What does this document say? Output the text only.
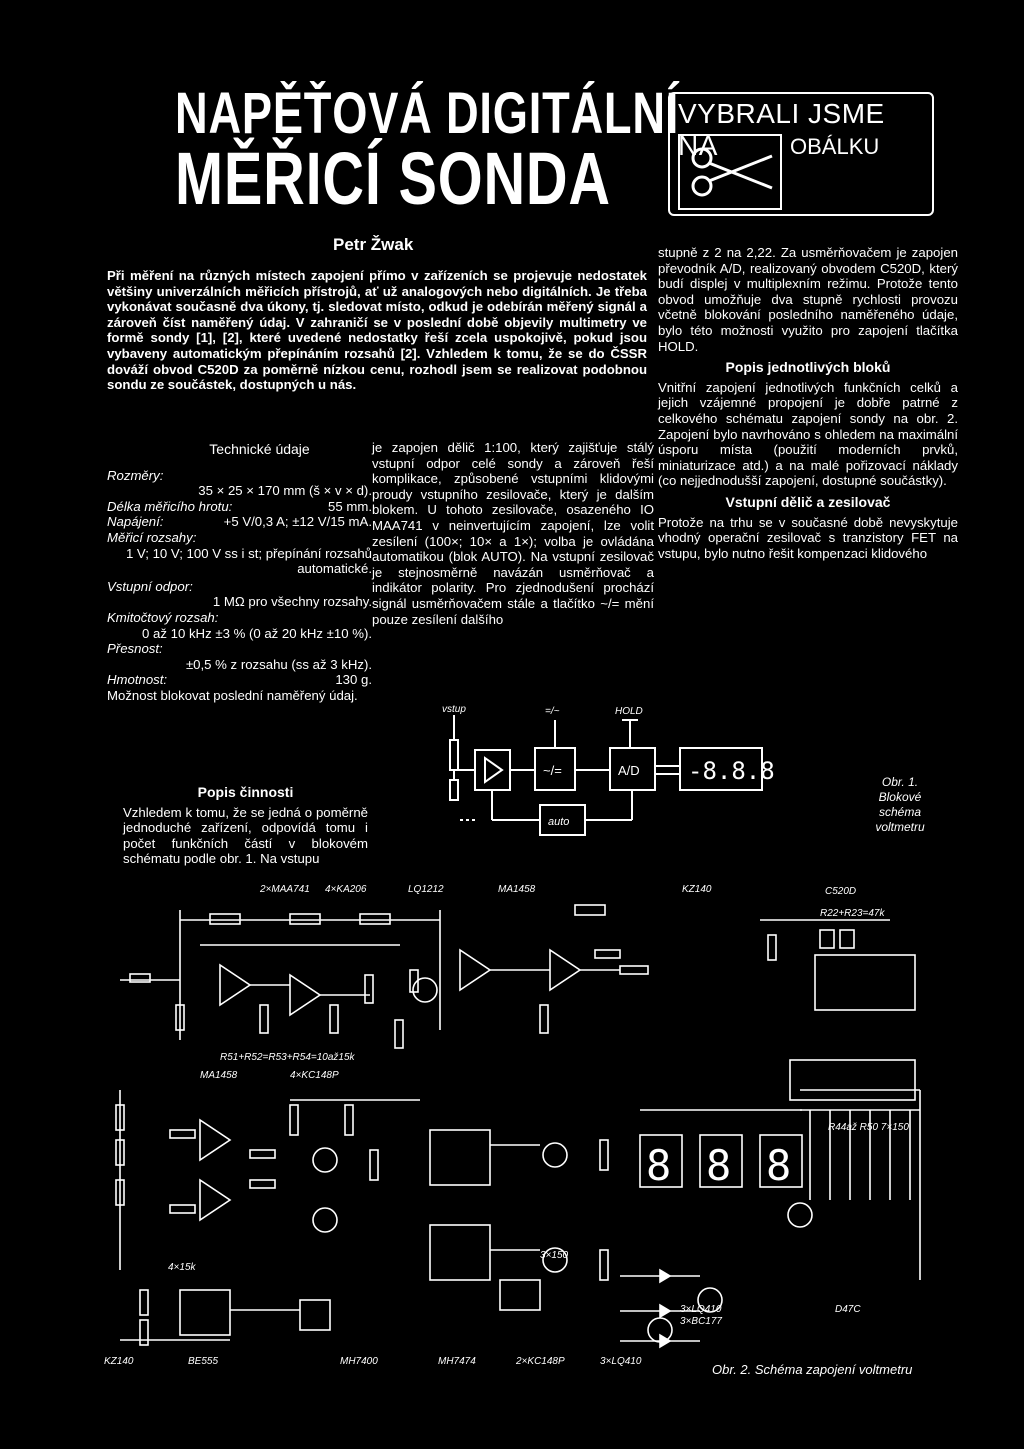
NAPĚŤOVÁ DIGITÁLNÍ
MĚŘICÍ SONDA
VYBRALI JSME NA	OBÁLKU
Petr Žwak
Při měření na různých místech zapojení přímo v zařízeních se projevuje nedostatek většiny univerzálních měřicích přístrojů, ať už analogových nebo digitálních. Je třeba vykonávat současně dva úkony, tj. sledovat místo, odkud je odebírán měřený signál a zároveň číst naměřený údaj. V zahraničí se v poslední době objevily multimetry ve formě sondy [1], [2], které uvedené nedostatky řeší zcela uspokojivě, pokud jsou vybaveny automatickým přepínáním rozsahů [2]. Vzhledem k tomu, že se do ČSSR dováží obvod C520D za poměrně nízkou cenu, rozhodl jsem se realizovat podobnou sondu ze součástek, dostupných u nás.
Technické údaje
Rozměry:
35 × 25 × 170 mm (š × v × d).
Délka měřicího hrotu:	55 mm.
Napájení:	+5 V/0,3 A; ±12 V/15 mA.
Měřicí rozsahy:
1 V; 10 V; 100 V ss i st; přepínání rozsahů automatické.
Vstupní odpor:
1 MΩ pro všechny rozsahy.
Kmitočtový rozsah:
0 až 10 kHz ±3 % (0 až 20 kHz ±10 %).
Přesnost:
±0,5 % z rozsahu (ss až 3 kHz).
Hmotnost:	130 g.
Možnost blokovat poslední naměřený údaj.
Popis činnosti
Vzhledem k tomu, že se jedná o poměrně jednoduché zařízení, odpovídá tomu i počet funkčních částí v blokovém schématu podle obr. 1. Na vstupu
je zapojen dělič 1:100, který zajišťuje stálý vstupní odpor celé sondy a zároveň řeší komplikace, způsobené vstupními klidovými proudy vstupního zesilovače, který je dalším blokem. U tohoto zesilovače, osazeného IO MAA741 v neinvertujícím zapojení, lze volit zesílení (100×; 10× a 1×); volba je ovládána automatikou (blok AUTO). Na vstupní zesilovač je stejnosměrně navázán usměrňovač a indikátor polarity. Pro zjednodušení prochází signál usměrňovačem stále a tlačítko ~/= mění pouze zesílení dalšího
stupně z 2 na 2,22. Za usměrňovačem je zapojen převodník A/D, realizovaný obvodem C520D, který budí displej v multiplexním režimu. Protože tento obvod umožňuje dva stupně rychlosti provozu včetně blokování posledního naměřeného údaje, bylo této možnosti využito pro zapojení tlačítka HOLD.
Popis jednotlivých bloků
Vnitřní zapojení jednotlivých funkčních celků a jejich vzájemné propojení je dobře patrné z celkového schématu zapojení sondy na obr. 2. Zapojení bylo navrhováno s ohledem na maximální úsporu místa (použití moderních prvků, miniaturizace atd.) a na malé pořizovací náklady (co nejjednodušší zapojení, dostupné součástky).
Vstupní dělič a zesilovač
Protože na trhu se v současné době nevyskytuje vhodný operační zesilovač s tranzistory FET na vstupu, bylo nutno řešit kompenzaci klidového
vstup	=/~	HOLD
auto
A/D
~/=	-8.8.8	Obr. 1. Blokové schéma voltmetru
8 8 8
2×MAA741 4×KA206	LQ1212	MA1458	KZ140	C520D
KZ140	BE555	MH7400	MH7474	2×KC148P	3×LQ410
3×LQ410
3×BC177
D47C
R51+R52=R53+R54=10až15k
MA1458	4×KC148P
R22+R23=47k
R44až R50 7×150
4×15k
3×150
Obr. 2. Schéma zapojení voltmetru
